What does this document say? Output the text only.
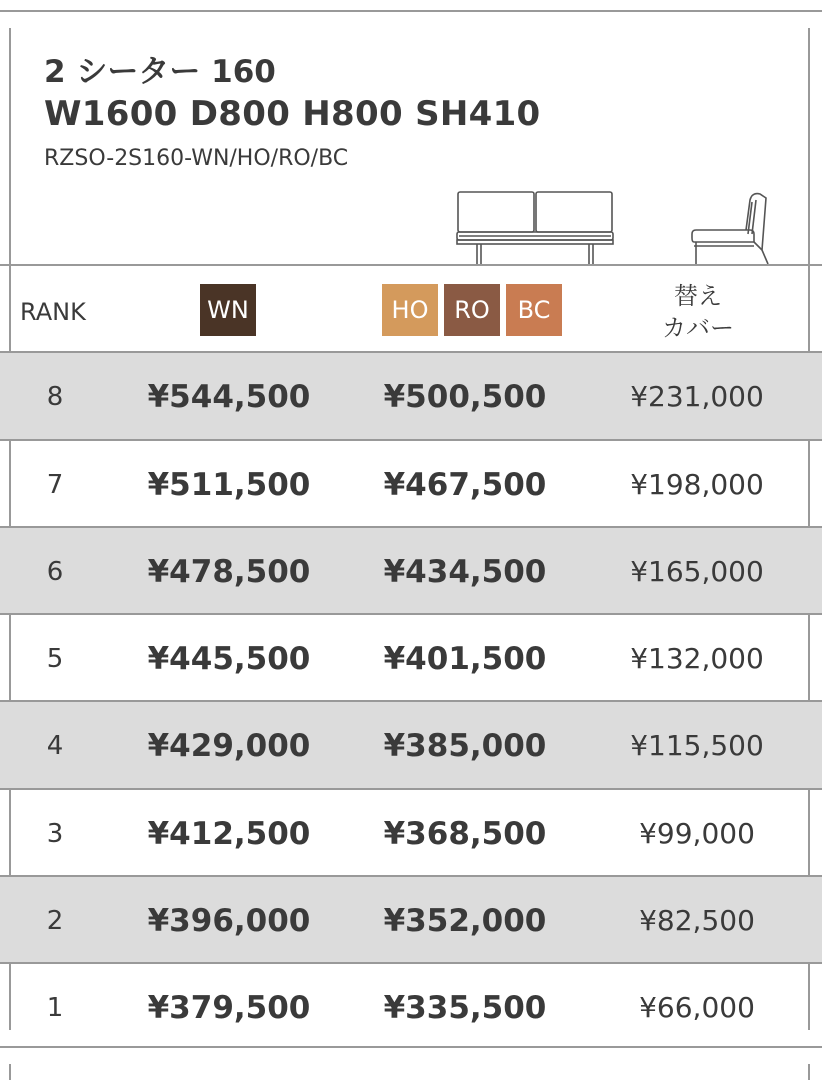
2 シーター 160
W1600 D800 H800 SH410
RZSO-2S160-WN/HO/RO/BC
RANK	WN	HO	RO	BC	替え
カバー
8	¥544,500	¥500,500	¥231,000
7	¥511,500	¥467,500	¥198,000
6	¥478,500	¥434,500	¥165,000
5	¥445,500	¥401,500	¥132,000
4	¥429,000	¥385,000	¥115,500
3	¥412,500	¥368,500	¥99,000
2	¥396,000	¥352,000	¥82,500
1	¥379,500	¥335,500	¥66,000
